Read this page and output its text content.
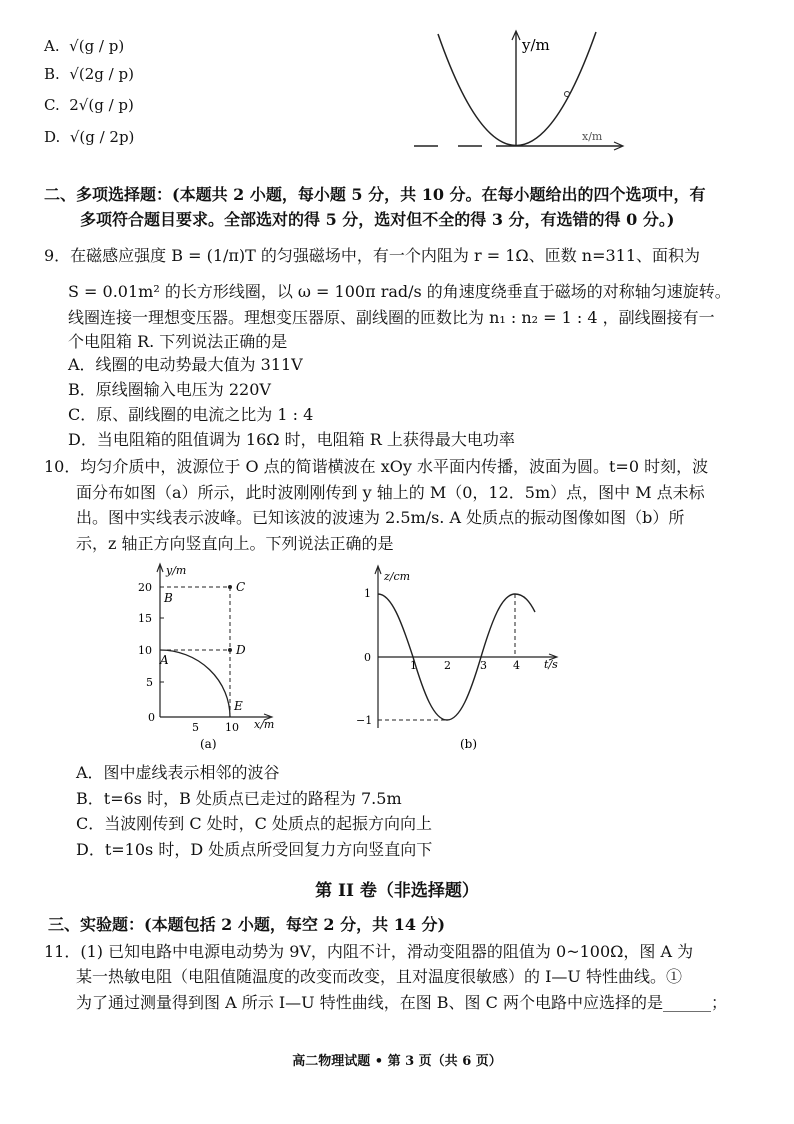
A. √(g / p)
B. √(2g / p)
C. 2√(g / p)
D. √(g / 2p)
y/m
x/m
二、多项选择题：(本题共 2 小题，每小题 5 分，共 10 分。在每小题给出的四个选项中，有
多项符合题目要求。全部选对的得 5 分，选对但不全的得 3 分，有选错的得 0 分。)
9．在磁感应强度 B = (1/π)T 的匀强磁场中，有一个内阻为 r = 1Ω、匝数 n=311、面积为
S = 0.01m² 的长方形线圈，以 ω = 100π rad/s 的角速度绕垂直于磁场的对称轴匀速旋转。
线圈连接一理想变压器。理想变压器原、副线圈的匝数比为 n₁ : n₂ = 1 : 4 ，副线圈接有一
个电阻箱 R. 下列说法正确的是
A．线圈的电动势最大值为 311V
B．原线圈输入电压为 220V
C．原、副线圈的电流之比为 1 : 4
D．当电阻箱的阻值调为 16Ω 时，电阻箱 R 上获得最大电功率
10．均匀介质中，波源位于 O 点的简谐横波在 xOy 水平面内传播，波面为圆。t=0 时刻，波
面分布如图（a）所示，此时波刚刚传到 y 轴上的 M（0，12．5m）点，图中 M 点未标
出。图中实线表示波峰。已知该波的波速为 2.5m/s. A 处质点的振动图像如图（b）所
示，z 轴正方向竖直向上。下列说法正确的是
y/m
x/m
20
15
10
5
0
5 10
B
C
A
D
E
(a)
z/cm
t/s
1
0
−1
1 2	3 4
(b)
A．图中虚线表示相邻的波谷
B．t=6s 时，B 处质点已走过的路程为 7.5m
C．当波刚传到 C 处时，C 处质点的起振方向向上
D．t=10s 时，D 处质点所受回复力方向竖直向下
第 II 卷（非选择题）
三、实验题：(本题包括 2 小题，每空 2 分，共 14 分)
11．(1) 已知电路中电源电动势为 9V，内阻不计，滑动变阻器的阻值为 0~100Ω，图 A 为
某一热敏电阻（电阻值随温度的改变而改变，且对温度很敏感）的 I—U 特性曲线。①
为了通过测量得到图 A 所示 I—U 特性曲线，在图 B、图 C 两个电路中应选择的是______；
高二物理试题 • 第 3 页（共 6 页）
